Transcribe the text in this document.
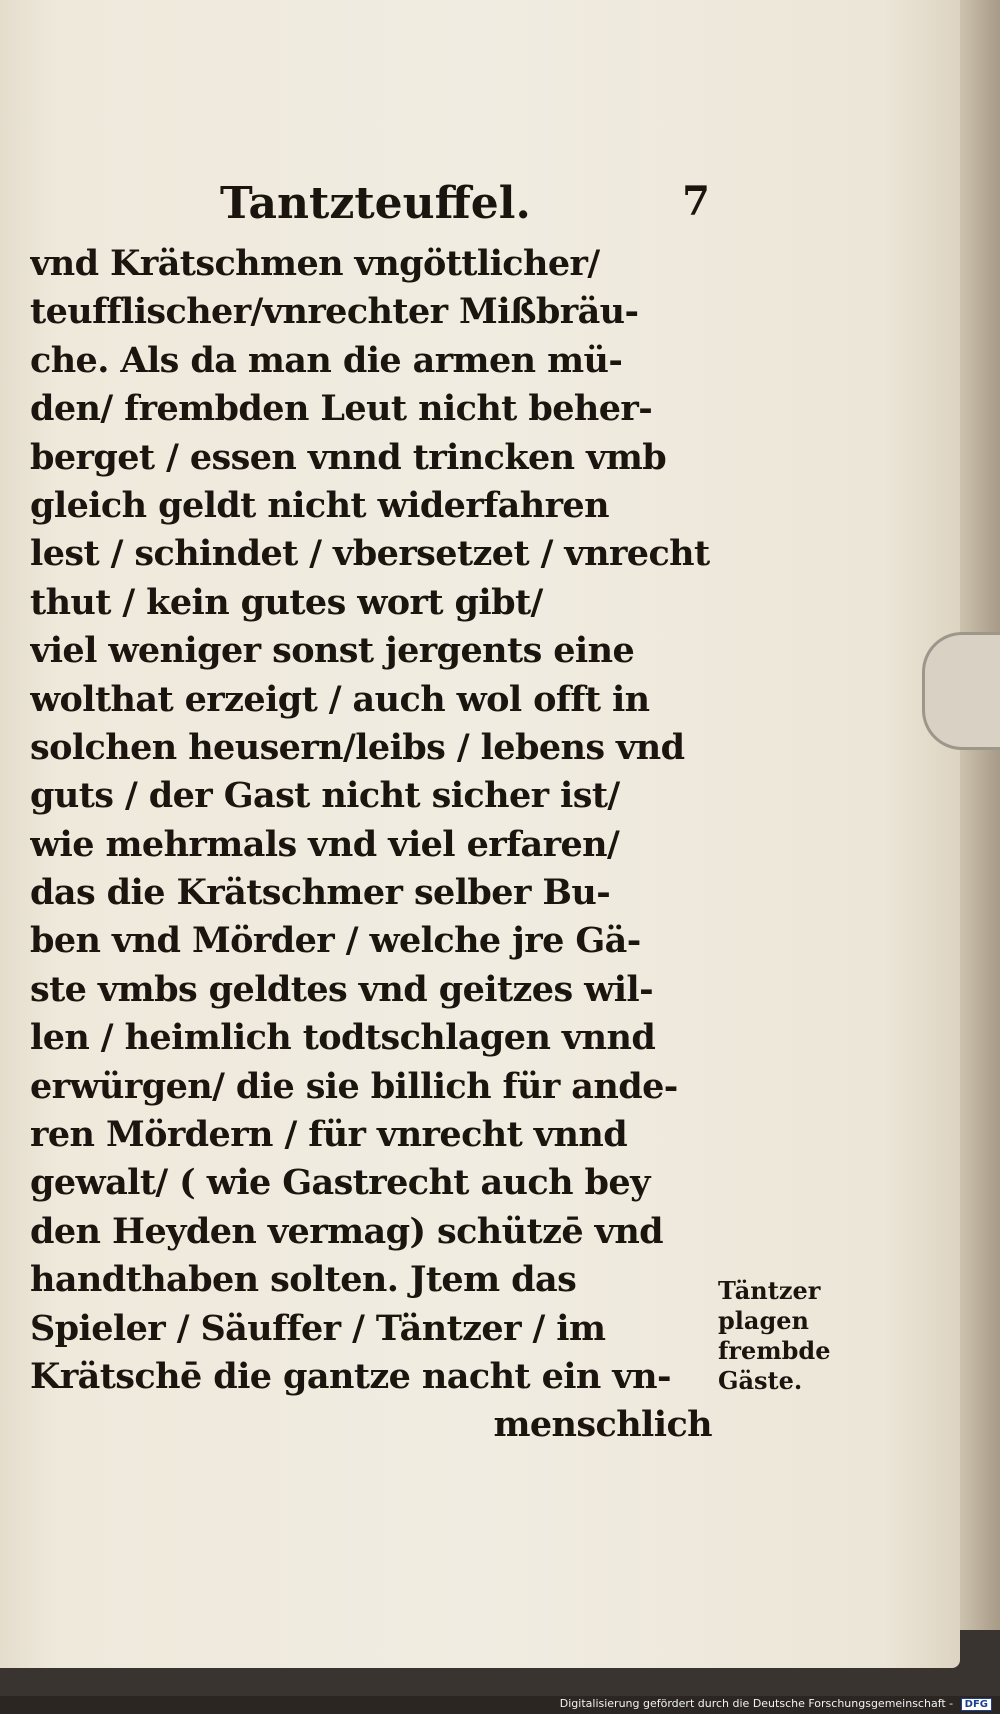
Tantzteuffel.	7
vnd Krätschmen vngöttlicher/
teufflischer/vnrechter Mißbräu-
che. Als da man die armen mü-
den/ frembden Leut nicht beher-
berget / essen vnnd trincken vmb
gleich geldt nicht widerfahren
lest / schindet / vbersetzet / vnrecht
thut / kein gutes wort gibt/
viel weniger sonst jergents eine
wolthat erzeigt / auch wol offt in
solchen heusern/leibs / lebens vnd
guts / der Gast nicht sicher ist/
wie mehrmals vnd viel erfaren/
das die Krätschmer selber Bu-
ben vnd Mörder / welche jre Gä-
ste vmbs geldtes vnd geitzes wil-
len / heimlich todtschlagen vnnd
erwürgen/ die sie billich für ande-
ren Mördern / für vnrecht vnnd
gewalt/ ( wie Gastrecht auch bey
den Heyden vermag) schützē vnd
handthaben solten. Jtem das
Spieler / Säuffer / Täntzer / im
Krätschē die gantze nacht ein vn-
menschlich
Täntzer
plagen
frembde
Gäste.
Digitalisierung gefördert durch die Deutsche Forschungsgemeinschaft - DFG
